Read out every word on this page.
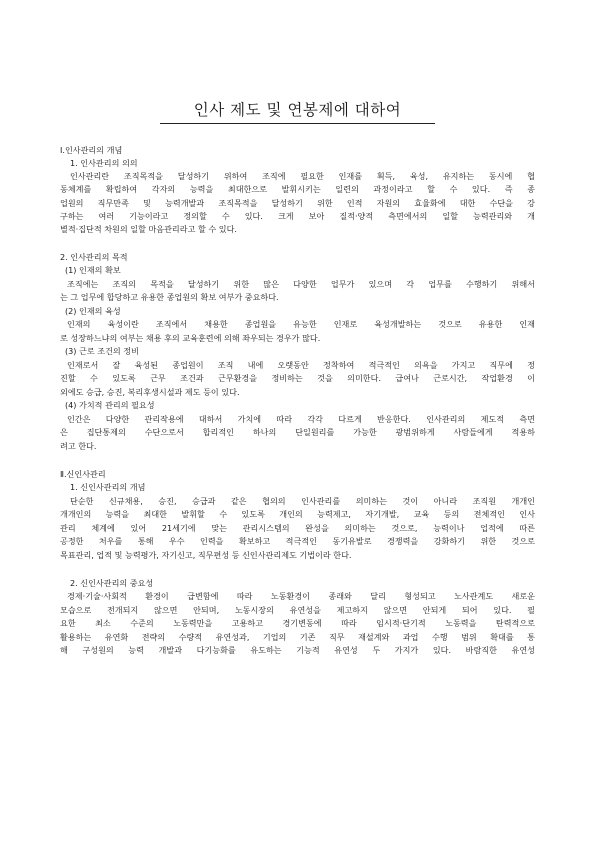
인사 제도 및 연봉제에 대하여
Ⅰ.인사관리의 개념
1. 인사관리의 의의
인사관리란 조직목적을 달성하기 위하여 조직에 필요한 인재를 획득, 육성, 유지하는 동시에 협
동체계를 확립하여 각자의 능력을 최대한으로 발휘시키는 일련의 과정이라고 할 수 있다. 즉 종
업원의 직무만족 및 능력개발과 조직목적을 달성하기 위한 인적 자원의 효율화에 대한 수단을 강
구하는 여러 기능이라고 정의할 수 있다. 크게 보아 질적·양적 측면에서의 일할 능력관리와 개
별적·집단적 차원의 일할 마음관리라고 할 수 있다.
2. 인사관리의 목적
(1) 인재의 확보
조직에는 조직의 목적을 달성하기 위한 많은 다양한 업무가 있으며 각 업무를 수행하기 위해서
는 그 업무에 합당하고 유용한 종업원의 확보 여부가 중요하다.
(2) 인재의 육성
인재의 육성이란 조직에서 채용한 종업원을 유능한 인재로 육성개발하는 것으로 유용한 인재
로 성장하느냐의 여부는 채용 후의 교육훈련에 의해 좌우되는 경우가 많다.
(3) 근로 조건의 정비
인재로서 잘 육성된 종업원이 조직 내에 오랫동안 정착하여 적극적인 의욕을 가지고 직무에 정
진할 수 있도록 근무 조건과 근무환경을 정비하는 것을 의미한다. 급여나 근로시간, 작업환경 이
외에도 승급, 승진, 복리후생시설과 제도 등이 있다.
(4) 가치적 관리의 필요성
인간은 다양한 관리작용에 대하서 가치에 따라 각각 다르게 반응한다. 인사관리의 제도적 측면
은 집단통제의 수단으로서 합리적인 하나의 단일원리를 가능한 광범위하게 사람들에게 적용하
려고 한다.
Ⅱ.신인사관리
1. 신인사관리의 개념
단순한 신규채용, 승진, 승급과 같은 협의의 인사관리를 의미하는 것이 아니라 조직원 개개인
개개인의 능력을 최대한 발휘할 수 있도록 개인의 능력제고, 자기개발, 교육 등의 전체적인 인사
관리 체계에 있어 21세기에 맞는 관리시스템의 완성을 의미하는 것으로, 능력이나 업적에 따른
공정한 처우를 통해 우수 인력을 확보하고 적극적인 동기유발로 경쟁력을 강화하기 위한 것으로
목표관리, 업적 및 능력평가, 자기신고, 직무편성 등 신인사관리제도 기법이라 한다.
2. 신인사관리의 중요성
경제·기술·사회적 환경이 급변함에 따라 노동환경이 종래와 달리 형성되고 노사관계도 새로운
모습으로 전개되지 않으면 안되며, 노동시장의 유연성을 제고하지 않으면 안되게 되어 있다. 필
요한 최소 수준의 노동력만을 고용하고 경기변동에 따라 임시적·단기적 노동력을 탄력적으로
활용하는 유연화 전략의 수량적 유연성과, 기업의 기존 직무 재설계와 과업 수행 범위 확대를 통
해 구성원의 능력 개발과 다기능화를 유도하는 기능적 유연성 두 가지가 있다. 바람직한 유연성
